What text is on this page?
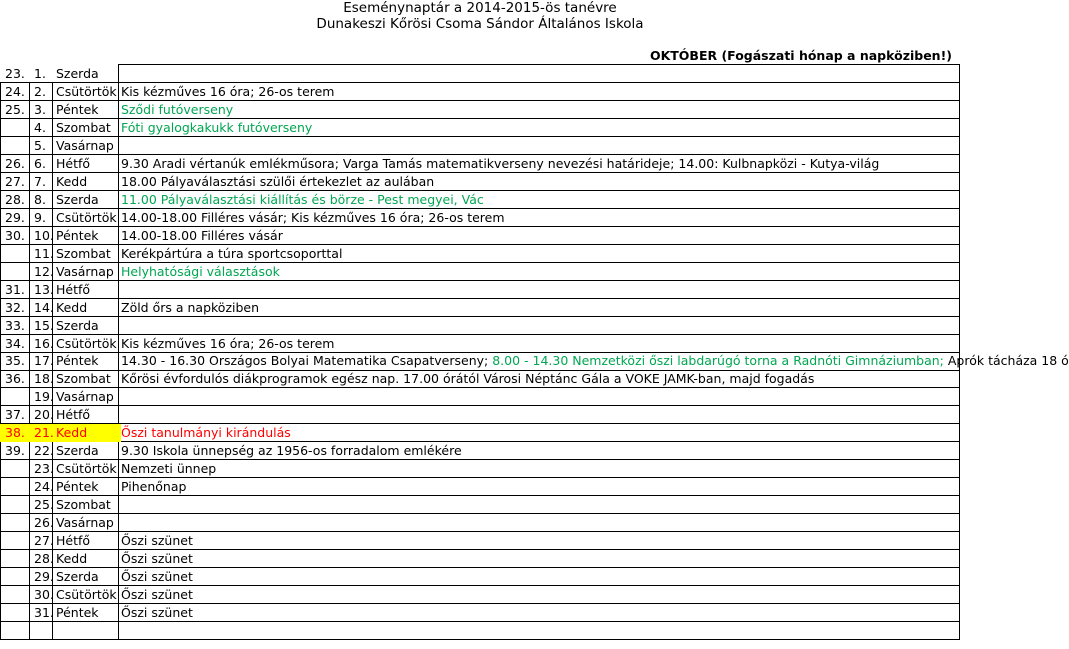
Eseménynaptár a 2014-2015-ös tanévre
Dunakeszi Kőrösi Csoma Sándor Általános Iskola
OKTÓBER (Fogászati hónap a napköziben!)
23. 1. Szerda
24. 2. Csütörtök Kis kézműves 16 óra; 26-os terem
25. 3. Péntek Sződi futóverseny
4. Szombat Fóti gyalogkakukk futóverseny
5. Vasárnap
26. 6. Hétfő 9.30 Aradi vértanúk emlékműsora; Varga Tamás matematikverseny nevezési határideje; 14.00: Kulbnapközi - Kutya-világ
27. 7. Kedd	18.00 Pályaválasztási szülői értekezlet az aulában
28. 8. Szerda 11.00 Pályaválasztási kiállítás és börze - Pest megyei, Vác
29. 9. Csütörtök 14.00-18.00 Filléres vásár; Kis kézműves 16 óra; 26-os terem
30. 10. Péntek 14.00-18.00 Filléres vásár
11. Szombat Kerékpártúra a túra sportcsoporttal
12. Vasárnap Helyhatósági választások
31. 13. Hétfő
32. 14. Kedd	Zöld őrs a napköziben
33. 15. Szerda
34. 16. Csütörtök Kis kézműves 16 óra; 26-os terem
35. 17. Péntek 14.30 - 16.30 Országos Bolyai Matematika Csapatverseny; 8.00 - 14.30 Nemzetközi őszi labdarúgó torna a Radnóti Gimnáziumban; Aprók tácháza 18 ó
36. 18. Szombat Kőrösi évfordulós diákprogramok egész nap. 17.00 órától Városi Néptánc Gála a VOKE JAMK-ban, majd fogadás
19. Vasárnap
37. 20. Hétfő
38. 21. Kedd	Őszi tanulmányi kirándulás
39. 22. Szerda 9.30 Iskola ünnepség az 1956-os forradalom emlékére
23. Csütörtök Nemzeti ünnep
24. Péntek Pihenőnap
25. Szombat
26. Vasárnap
27. Hétfő Őszi szünet
28. Kedd	Őszi szünet
29. Szerda Őszi szünet
30. Csütörtök Őszi szünet
31. Péntek Őszi szünet
